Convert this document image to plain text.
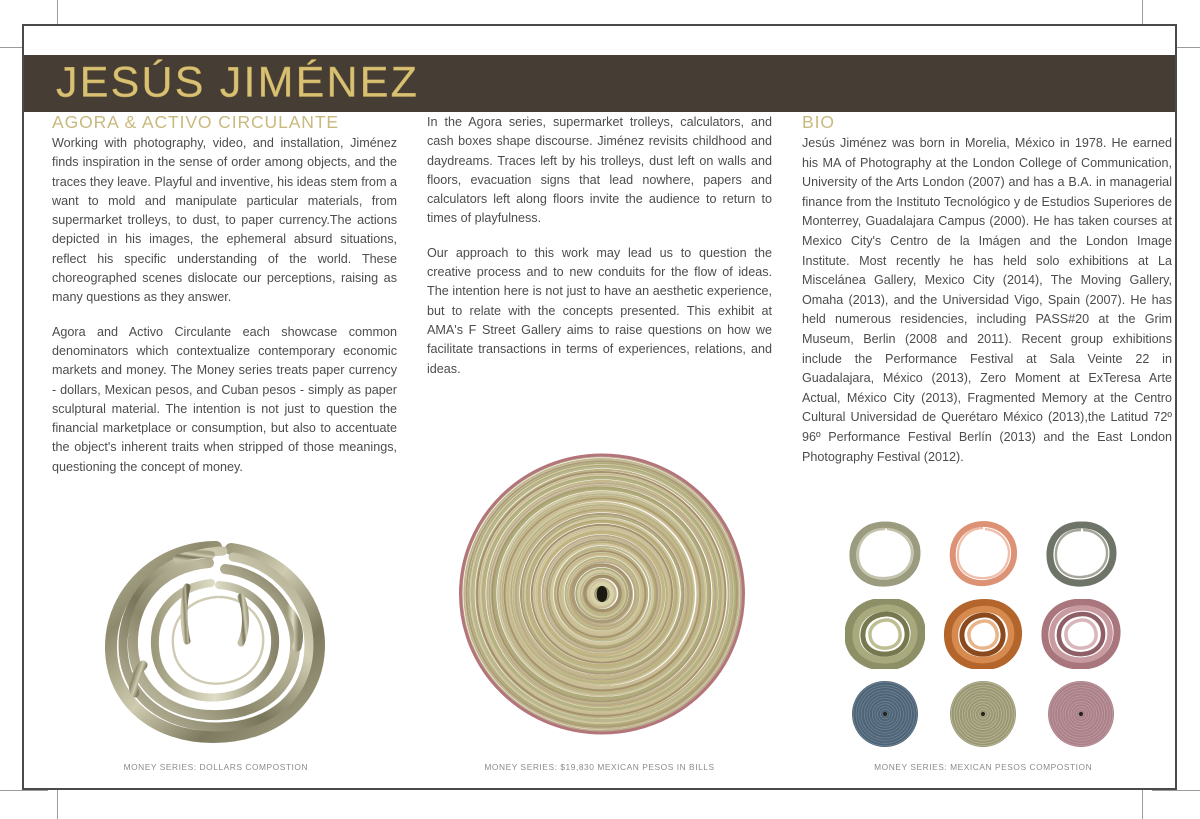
JESÚS JIMÉNEZ
AGORA & ACTIVO CIRCULANTE

Working with photography, video, and installation, Jiménez finds inspiration in the sense of order among objects, and the traces they leave. Playful and inventive, his ideas stem from a want to mold and manipulate particular materials, from supermarket trolleys, to dust, to paper currency.The actions depicted in his images, the ephemeral absurd situations, reflect his specific understanding of the world. These choreographed scenes dislocate our perceptions, raising as many questions as they answer.

Agora and Activo Circulante each showcase common denominators which contextualize contemporary economic markets and money. The Money series treats paper currency - dollars, Mexican pesos, and Cuban pesos - simply as paper sculptural material. The intention is not just to question the financial marketplace or consumption, but also to accentuate the object's inherent traits when stripped of those meanings, questioning the concept of money.

In the Agora series, supermarket trolleys, calculators, and cash boxes shape discourse. Jiménez revisits childhood and daydreams. Traces left by his trolleys, dust left on walls and floors, evacuation signs that lead nowhere, papers and calculators left along floors invite the audience to return to times of playfulness.

Our approach to this work may lead us to question the creative process and to new conduits for the flow of ideas. The intention here is not just to have an aesthetic experience, but to relate with the concepts presented. This exhibit at AMA's F Street Gallery aims to raise questions on how we facilitate transactions in terms of experiences, relations, and ideas.

BIO

Jesús Jiménez was born in Morelia, México in 1978. He earned his MA of Photography at the London College of Communication, University of the Arts London (2007) and has a B.A. in managerial finance from the Instituto Tecnológico y de Estudios Superiores de Monterrey, Guadalajara Campus (2000). He has taken courses at Mexico City's Centro de la Imágen and the London Image Institute. Most recently he has held solo exhibitions at La Miscelánea Gallery, Mexico City (2014), The Moving Gallery, Omaha (2013), and the Universidad Vigo, Spain (2007). He has held numerous residencies, including PASS#20 at the Grim Museum, Berlin (2008 and 2011). Recent group exhibitions include the Performance Festival at Sala Veinte 22 in Guadalajara, México (2013), Zero Moment at ExTeresa Arte Actual, México City (2013), Fragmented Memory at the Centro Cultural Universidad de Querétaro México (2013),the Latitud 72º 96º Performance Festival Berlín (2013) and the East London Photography Festival (2012).

MONEY SERIES: DOLLARS COMPOSTION	MONEY SERIES: $19,830 MEXICAN PESOS IN BILLS	MONEY SERIES: MEXICAN PESOS COMPOSTION
